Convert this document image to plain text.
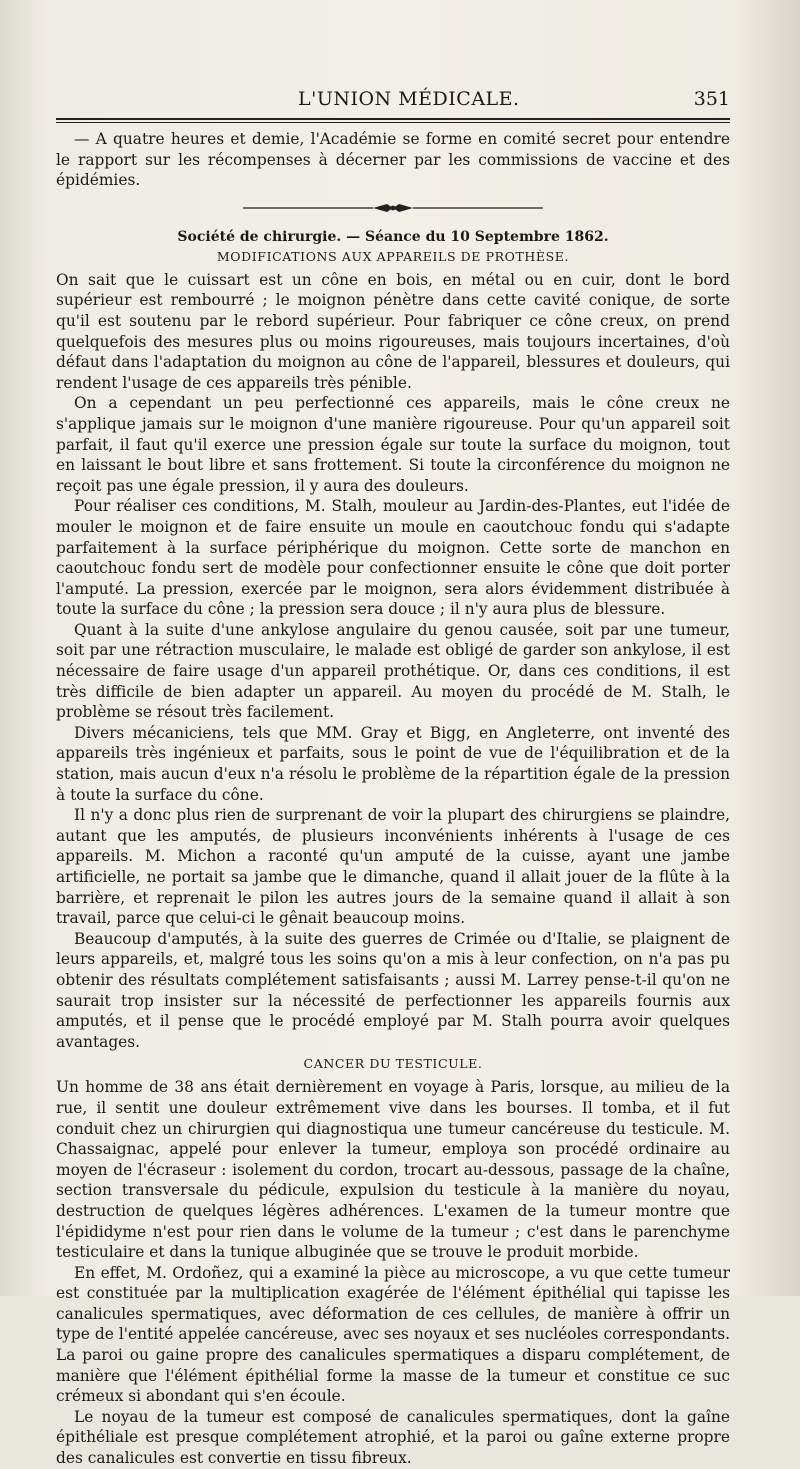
L'UNION MÉDICALE.	351

— A quatre heures et demie, l'Académie se forme en comité secret pour entendre le rapport sur les récompenses à décerner par les commissions de vaccine et des épidémies.

Société de chirurgie. — Séance du 10 Septembre 1862.
MODIFICATIONS AUX APPAREILS DE PROTHÈSE.

On sait que le cuissart est un cône en bois, en métal ou en cuir, dont le bord supérieur est rembourré ; le moignon pénètre dans cette cavité conique, de sorte qu'il est soutenu par le rebord supérieur. Pour fabriquer ce cône creux, on prend quelquefois des mesures plus ou moins rigoureuses, mais toujours incertaines, d'où défaut dans l'adaptation du moignon au cône de l'appareil, blessures et douleurs, qui rendent l'usage de ces appareils très pénible.

On a cependant un peu perfectionné ces appareils, mais le cône creux ne s'applique jamais sur le moignon d'une manière rigoureuse. Pour qu'un appareil soit parfait, il faut qu'il exerce une pression égale sur toute la surface du moignon, tout en laissant le bout libre et sans frottement. Si toute la circonférence du moignon ne reçoit pas une égale pression, il y aura des douleurs.

Pour réaliser ces conditions, M. Stalh, mouleur au Jardin-des-Plantes, eut l'idée de mouler le moignon et de faire ensuite un moule en caoutchouc fondu qui s'adapte parfaitement à la surface périphérique du moignon. Cette sorte de manchon en caoutchouc fondu sert de modèle pour confectionner ensuite le cône que doit porter l'amputé. La pression, exercée par le moignon, sera alors évidemment distribuée à toute la surface du cône ; la pression sera douce ; il n'y aura plus de blessure.

Quant à la suite d'une ankylose angulaire du genou causée, soit par une tumeur, soit par une rétraction musculaire, le malade est obligé de garder son ankylose, il est nécessaire de faire usage d'un appareil prothétique. Or, dans ces conditions, il est très difficile de bien adapter un appareil. Au moyen du procédé de M. Stalh, le problème se résout très facilement.

Divers mécaniciens, tels que MM. Gray et Bigg, en Angleterre, ont inventé des appareils très ingénieux et parfaits, sous le point de vue de l'équilibration et de la station, mais aucun d'eux n'a résolu le problème de la répartition égale de la pression à toute la surface du cône.

Il n'y a donc plus rien de surprenant de voir la plupart des chirurgiens se plaindre, autant que les amputés, de plusieurs inconvénients inhérents à l'usage de ces appareils. M. Michon a raconté qu'un amputé de la cuisse, ayant une jambe artificielle, ne portait sa jambe que le dimanche, quand il allait jouer de la flûte à la barrière, et reprenait le pilon les autres jours de la semaine quand il allait à son travail, parce que celui-ci le gênait beaucoup moins.

Beaucoup d'amputés, à la suite des guerres de Crimée ou d'Italie, se plaignent de leurs appareils, et, malgré tous les soins qu'on a mis à leur confection, on n'a pas pu obtenir des résultats complétement satisfaisants ; aussi M. Larrey pense-t-il qu'on ne saurait trop insister sur la nécessité de perfectionner les appareils fournis aux amputés, et il pense que le procédé employé par M. Stalh pourra avoir quelques avantages.

CANCER DU TESTICULE.

Un homme de 38 ans était dernièrement en voyage à Paris, lorsque, au milieu de la rue, il sentit une douleur extrêmement vive dans les bourses. Il tomba, et il fut conduit chez un chirurgien qui diagnostiqua une tumeur cancéreuse du testicule. M. Chassaignac, appelé pour enlever la tumeur, employa son procédé ordinaire au moyen de l'écraseur : isolement du cordon, trocart au-dessous, passage de la chaîne, section transversale du pédicule, expulsion du testicule à la manière du noyau, destruction de quelques légères adhérences. L'examen de la tumeur montre que l'épididyme n'est pour rien dans le volume de la tumeur ; c'est dans le parenchyme testiculaire et dans la tunique albuginée que se trouve le produit morbide.

En effet, M. Ordoñez, qui a examiné la pièce au microscope, a vu que cette tumeur est constituée par la multiplication exagérée de l'élément épithélial qui tapisse les canalicules spermatiques, avec déformation de ces cellules, de manière à offrir un type de l'entité appelée cancéreuse, avec ses noyaux et ses nucléoles correspondants. La paroi ou gaine propre des canalicules spermatiques a disparu complétement, de manière que l'élément épithélial forme la masse de la tumeur et constitue ce suc crémeux si abondant qui s'en écoule.

Le noyau de la tumeur est composé de canalicules spermatiques, dont la gaîne épithéliale est presque complétement atrophié, et la paroi ou gaîne externe propre des canalicules est convertie en tissu fibreux.
